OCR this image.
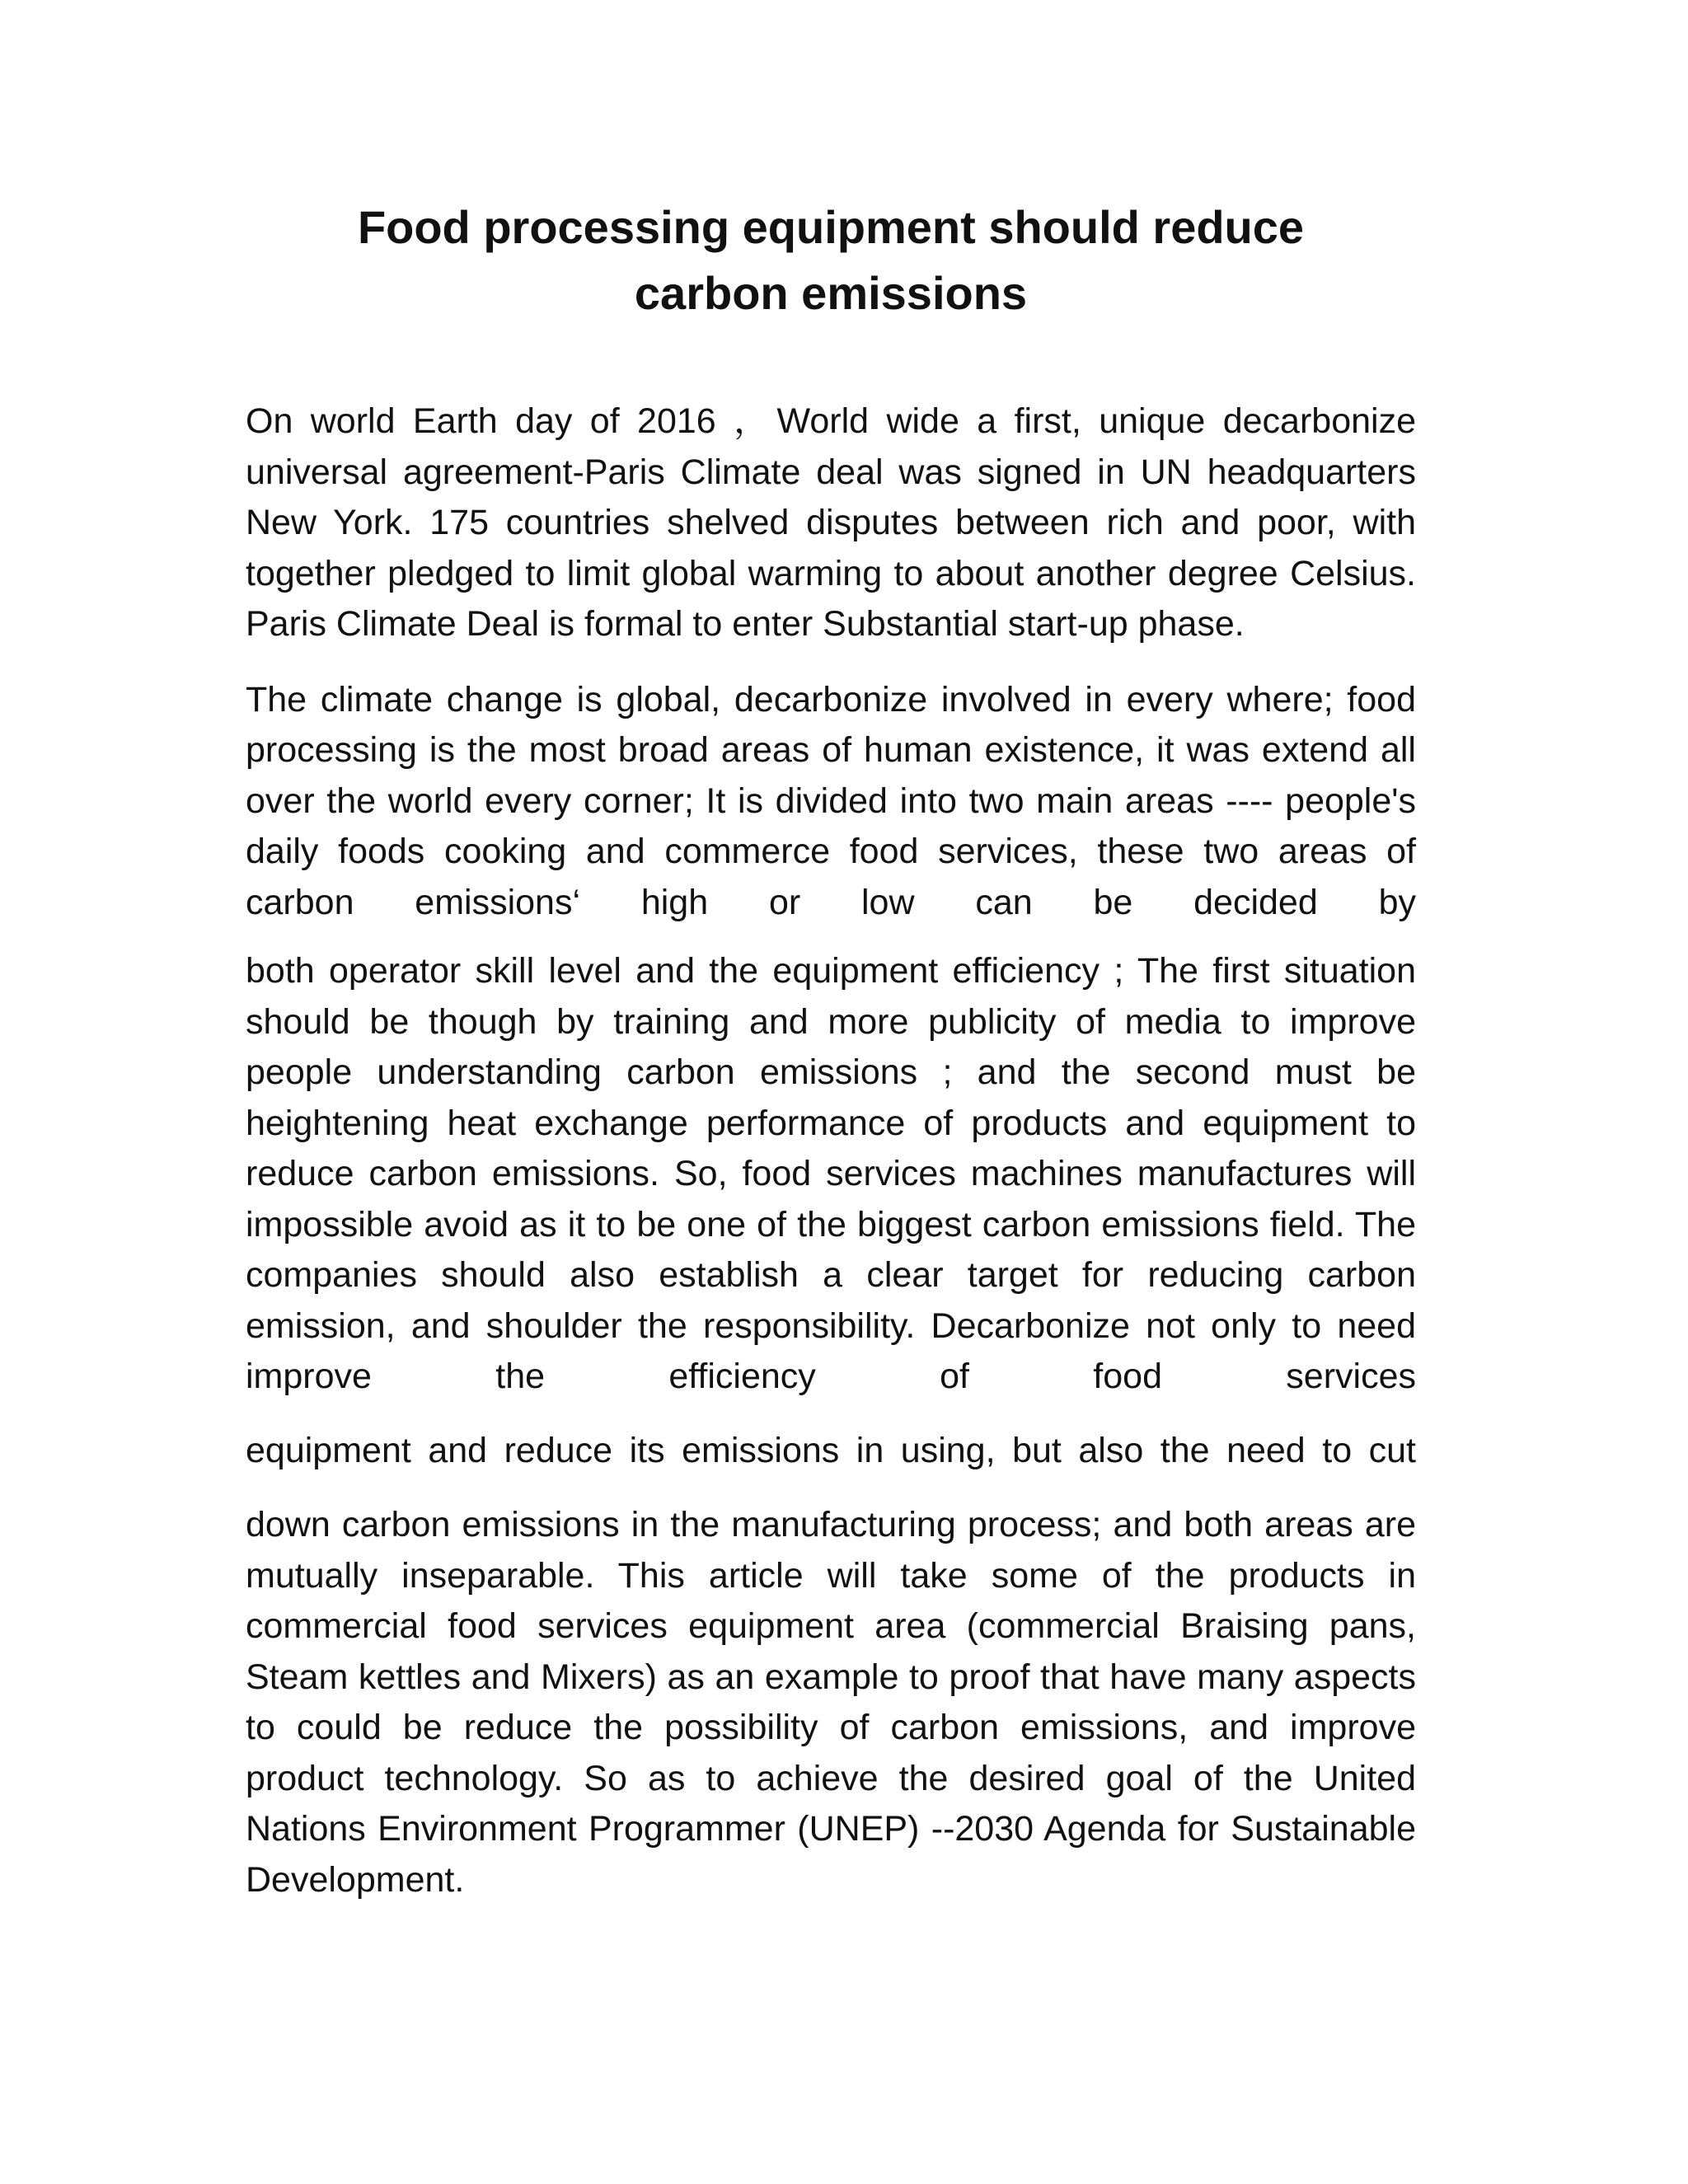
Food processing equipment should reduce
carbon emissions

On world Earth day of 2016 ，World wide a first, unique decarbonize universal agreement-Paris Climate deal was signed in UN headquarters New York. 175 countries shelved disputes between rich and poor, with together pledged to limit global warming to about another degree Celsius. Paris Climate Deal is formal to enter Substantial start-up phase.

The climate change is global, decarbonize involved in every where; food processing is the most broad areas of human existence, it was extend all over the world every corner; It is divided into two main areas ---- people's daily foods cooking and commerce food services, these two areas of carbon emissions‘ high or low can be decided by

both operator skill level and the equipment efficiency ; The first situation should be though by training and more publicity of media to improve people understanding carbon emissions ; and the second must be heightening heat exchange performance of products and equipment to reduce carbon emissions. So, food services machines manufactures will impossible avoid as it to be one of the biggest carbon emissions field. The companies should also establish a clear target for reducing carbon emission, and shoulder the responsibility. Decarbonize not only to need improve the efficiency of food services

equipment and reduce its emissions in using, but also the need to cut

down carbon emissions in the manufacturing process; and both areas are mutually inseparable. This article will take some of the products in commercial food services equipment area (commercial Braising pans, Steam kettles and Mixers) as an example to proof that have many aspects to could be reduce the possibility of carbon emissions, and improve product technology. So as to achieve the desired goal of the United Nations Environment Programmer (UNEP) --2030 Agenda for Sustainable Development.
